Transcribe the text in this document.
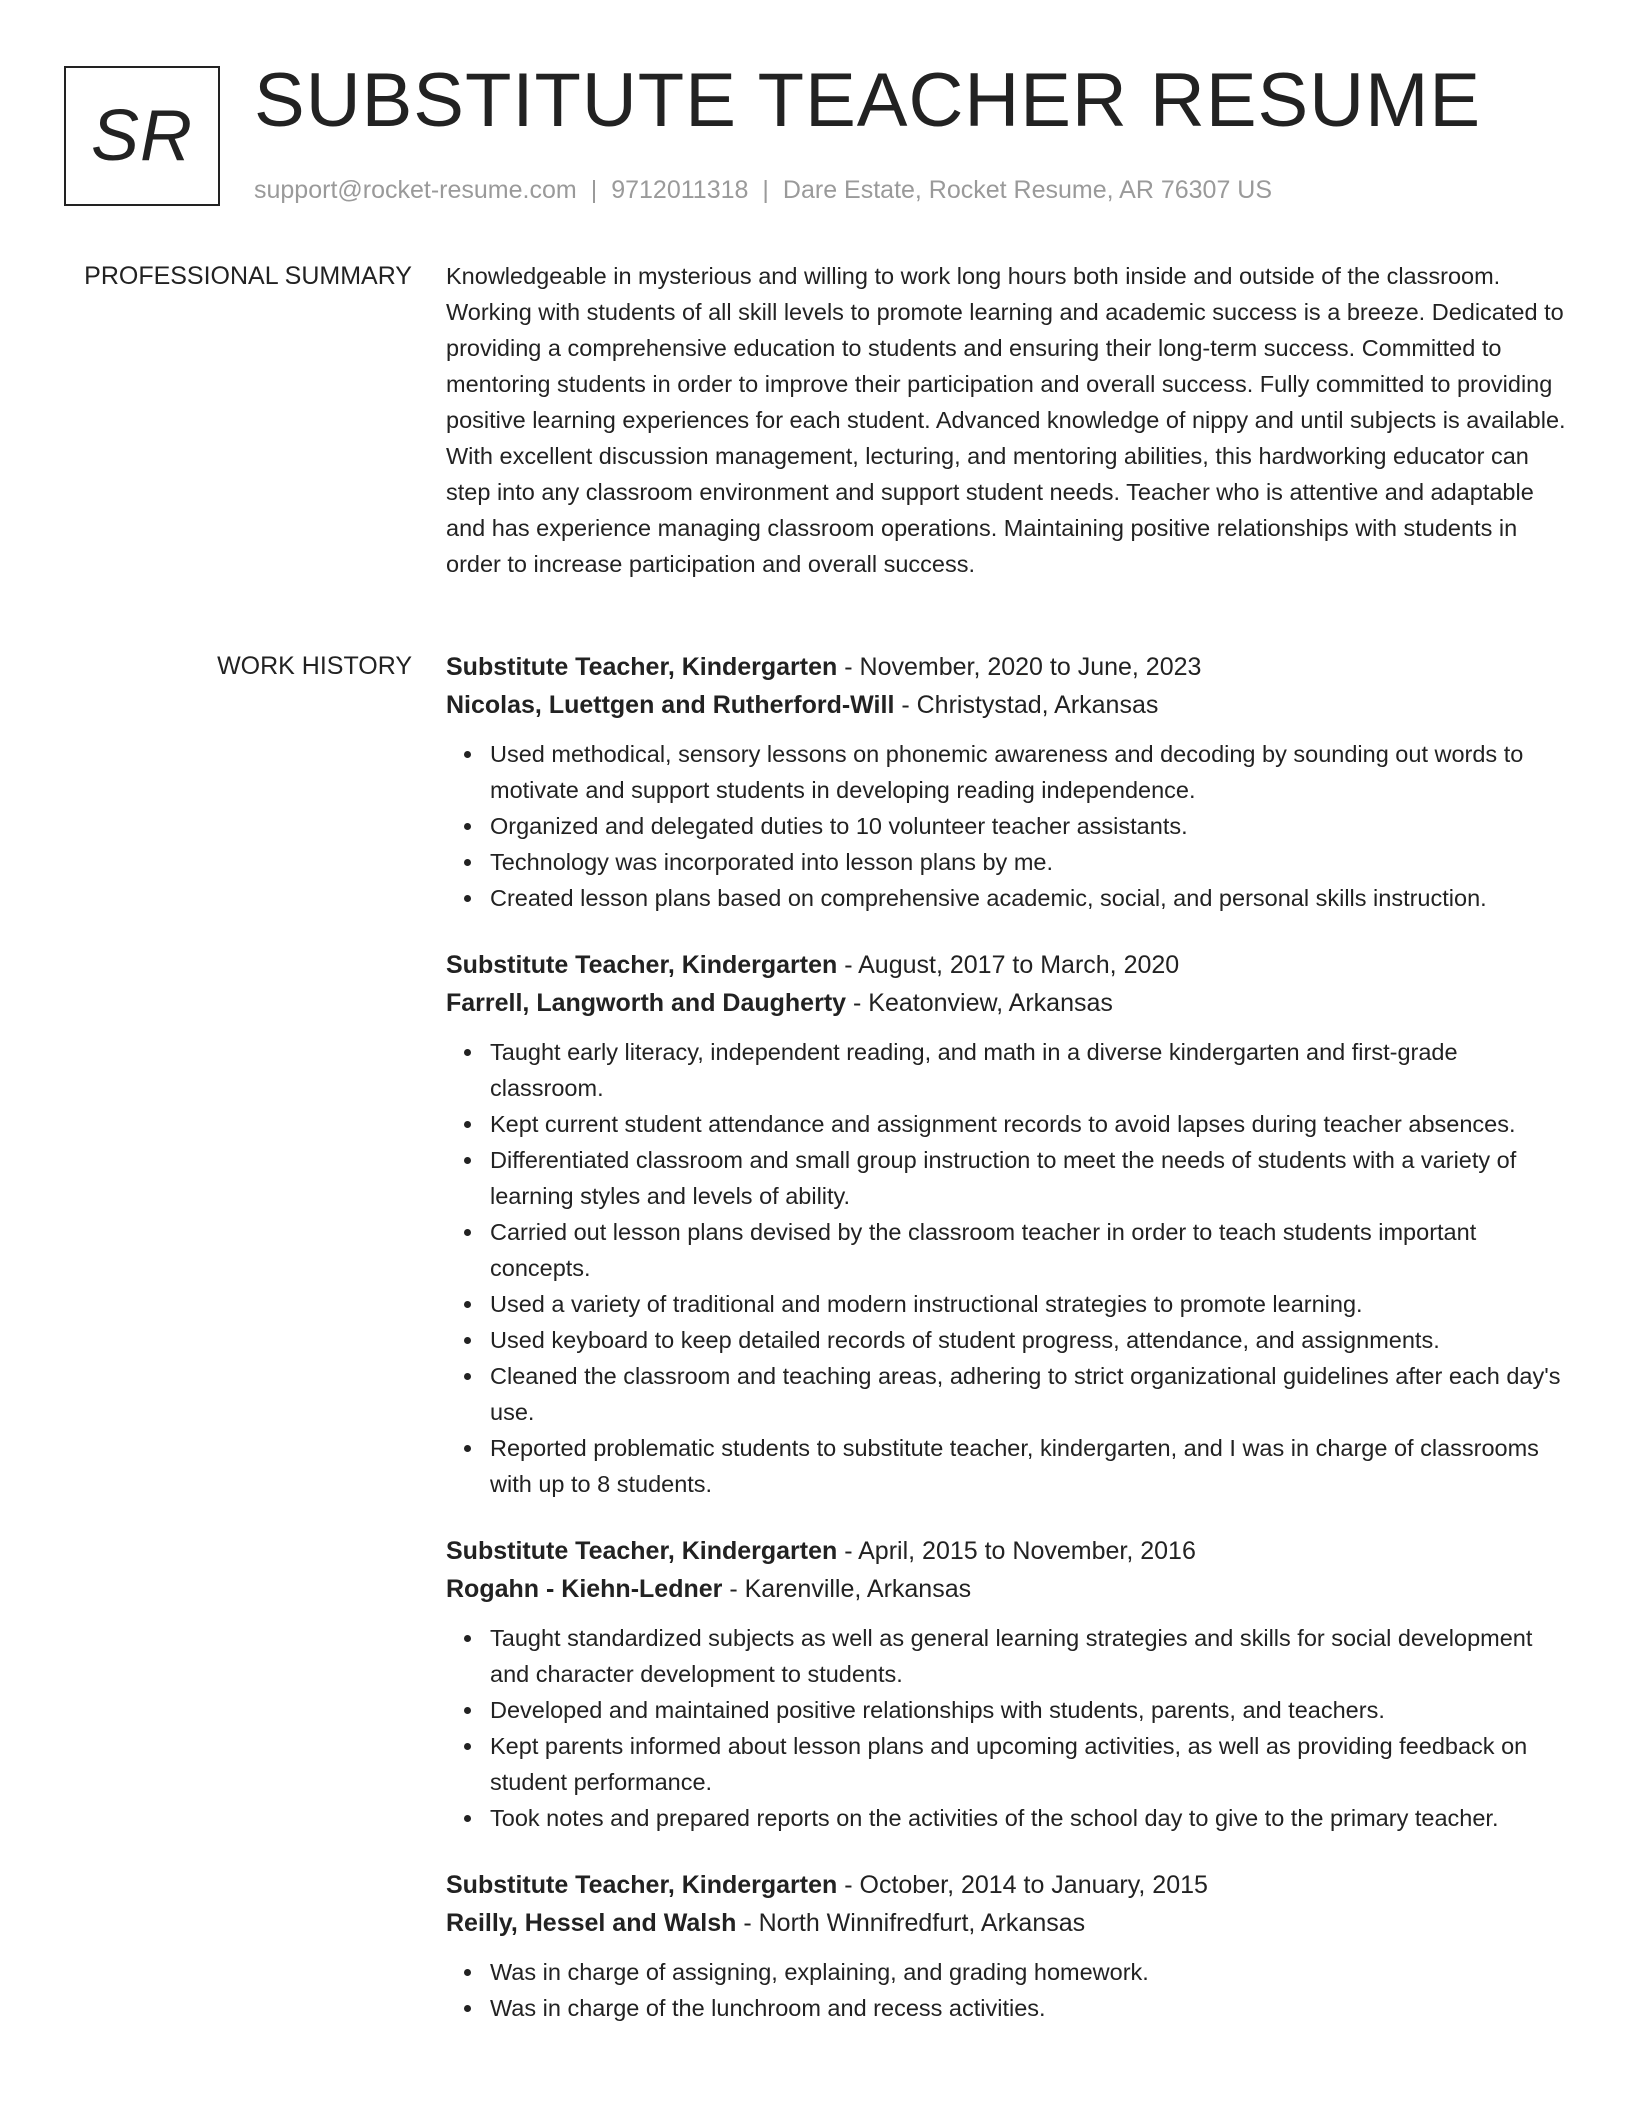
SR SUBSTITUTE TEACHER RESUME
support@rocket-resume.com | 9712011318 | Dare Estate, Rocket Resume, AR 76307 US
PROFESSIONAL SUMMARY Knowledgeable in mysterious and willing to work long hours both inside and outside of the classroom. Working with students of all skill levels to promote learning and academic success is a breeze. Dedicated to providing a comprehensive education to students and ensuring their long-term success. Committed to mentoring students in order to improve their participation and overall success. Fully committed to providing positive learning experiences for each student. Advanced knowledge of nippy and until subjects is available. With excellent discussion management, lecturing, and mentoring abilities, this hardworking educator can step into any classroom environment and support student needs. Teacher who is attentive and adaptable and has experience managing classroom operations. Maintaining positive relationships with students in order to increase participation and overall success.

WORK HISTORY Substitute Teacher, Kindergarten - November, 2020 to June, 2023
Nicolas, Luettgen and Rutherford-Will - Christystad, Arkansas
Used methodical, sensory lessons on phonemic awareness and decoding by sounding out words to motivate and support students in developing reading independence.
Organized and delegated duties to 10 volunteer teacher assistants.
Technology was incorporated into lesson plans by me.
Created lesson plans based on comprehensive academic, social, and personal skills instruction.
Substitute Teacher, Kindergarten - August, 2017 to March, 2020
Farrell, Langworth and Daugherty - Keatonview, Arkansas
Taught early literacy, independent reading, and math in a diverse kindergarten and first-grade classroom.
Kept current student attendance and assignment records to avoid lapses during teacher absences.
Differentiated classroom and small group instruction to meet the needs of students with a variety of learning styles and levels of ability.
Carried out lesson plans devised by the classroom teacher in order to teach students important concepts.
Used a variety of traditional and modern instructional strategies to promote learning.
Used keyboard to keep detailed records of student progress, attendance, and assignments.
Cleaned the classroom and teaching areas, adhering to strict organizational guidelines after each day's use.
Reported problematic students to substitute teacher, kindergarten, and I was in charge of classrooms with up to 8 students.
Substitute Teacher, Kindergarten - April, 2015 to November, 2016
Rogahn - Kiehn-Ledner - Karenville, Arkansas
Taught standardized subjects as well as general learning strategies and skills for social development and character development to students.
Developed and maintained positive relationships with students, parents, and teachers.
Kept parents informed about lesson plans and upcoming activities, as well as providing feedback on student performance.
Took notes and prepared reports on the activities of the school day to give to the primary teacher.
Substitute Teacher, Kindergarten - October, 2014 to January, 2015
Reilly, Hessel and Walsh - North Winnifredfurt, Arkansas
Was in charge of assigning, explaining, and grading homework.
Was in charge of the lunchroom and recess activities.
